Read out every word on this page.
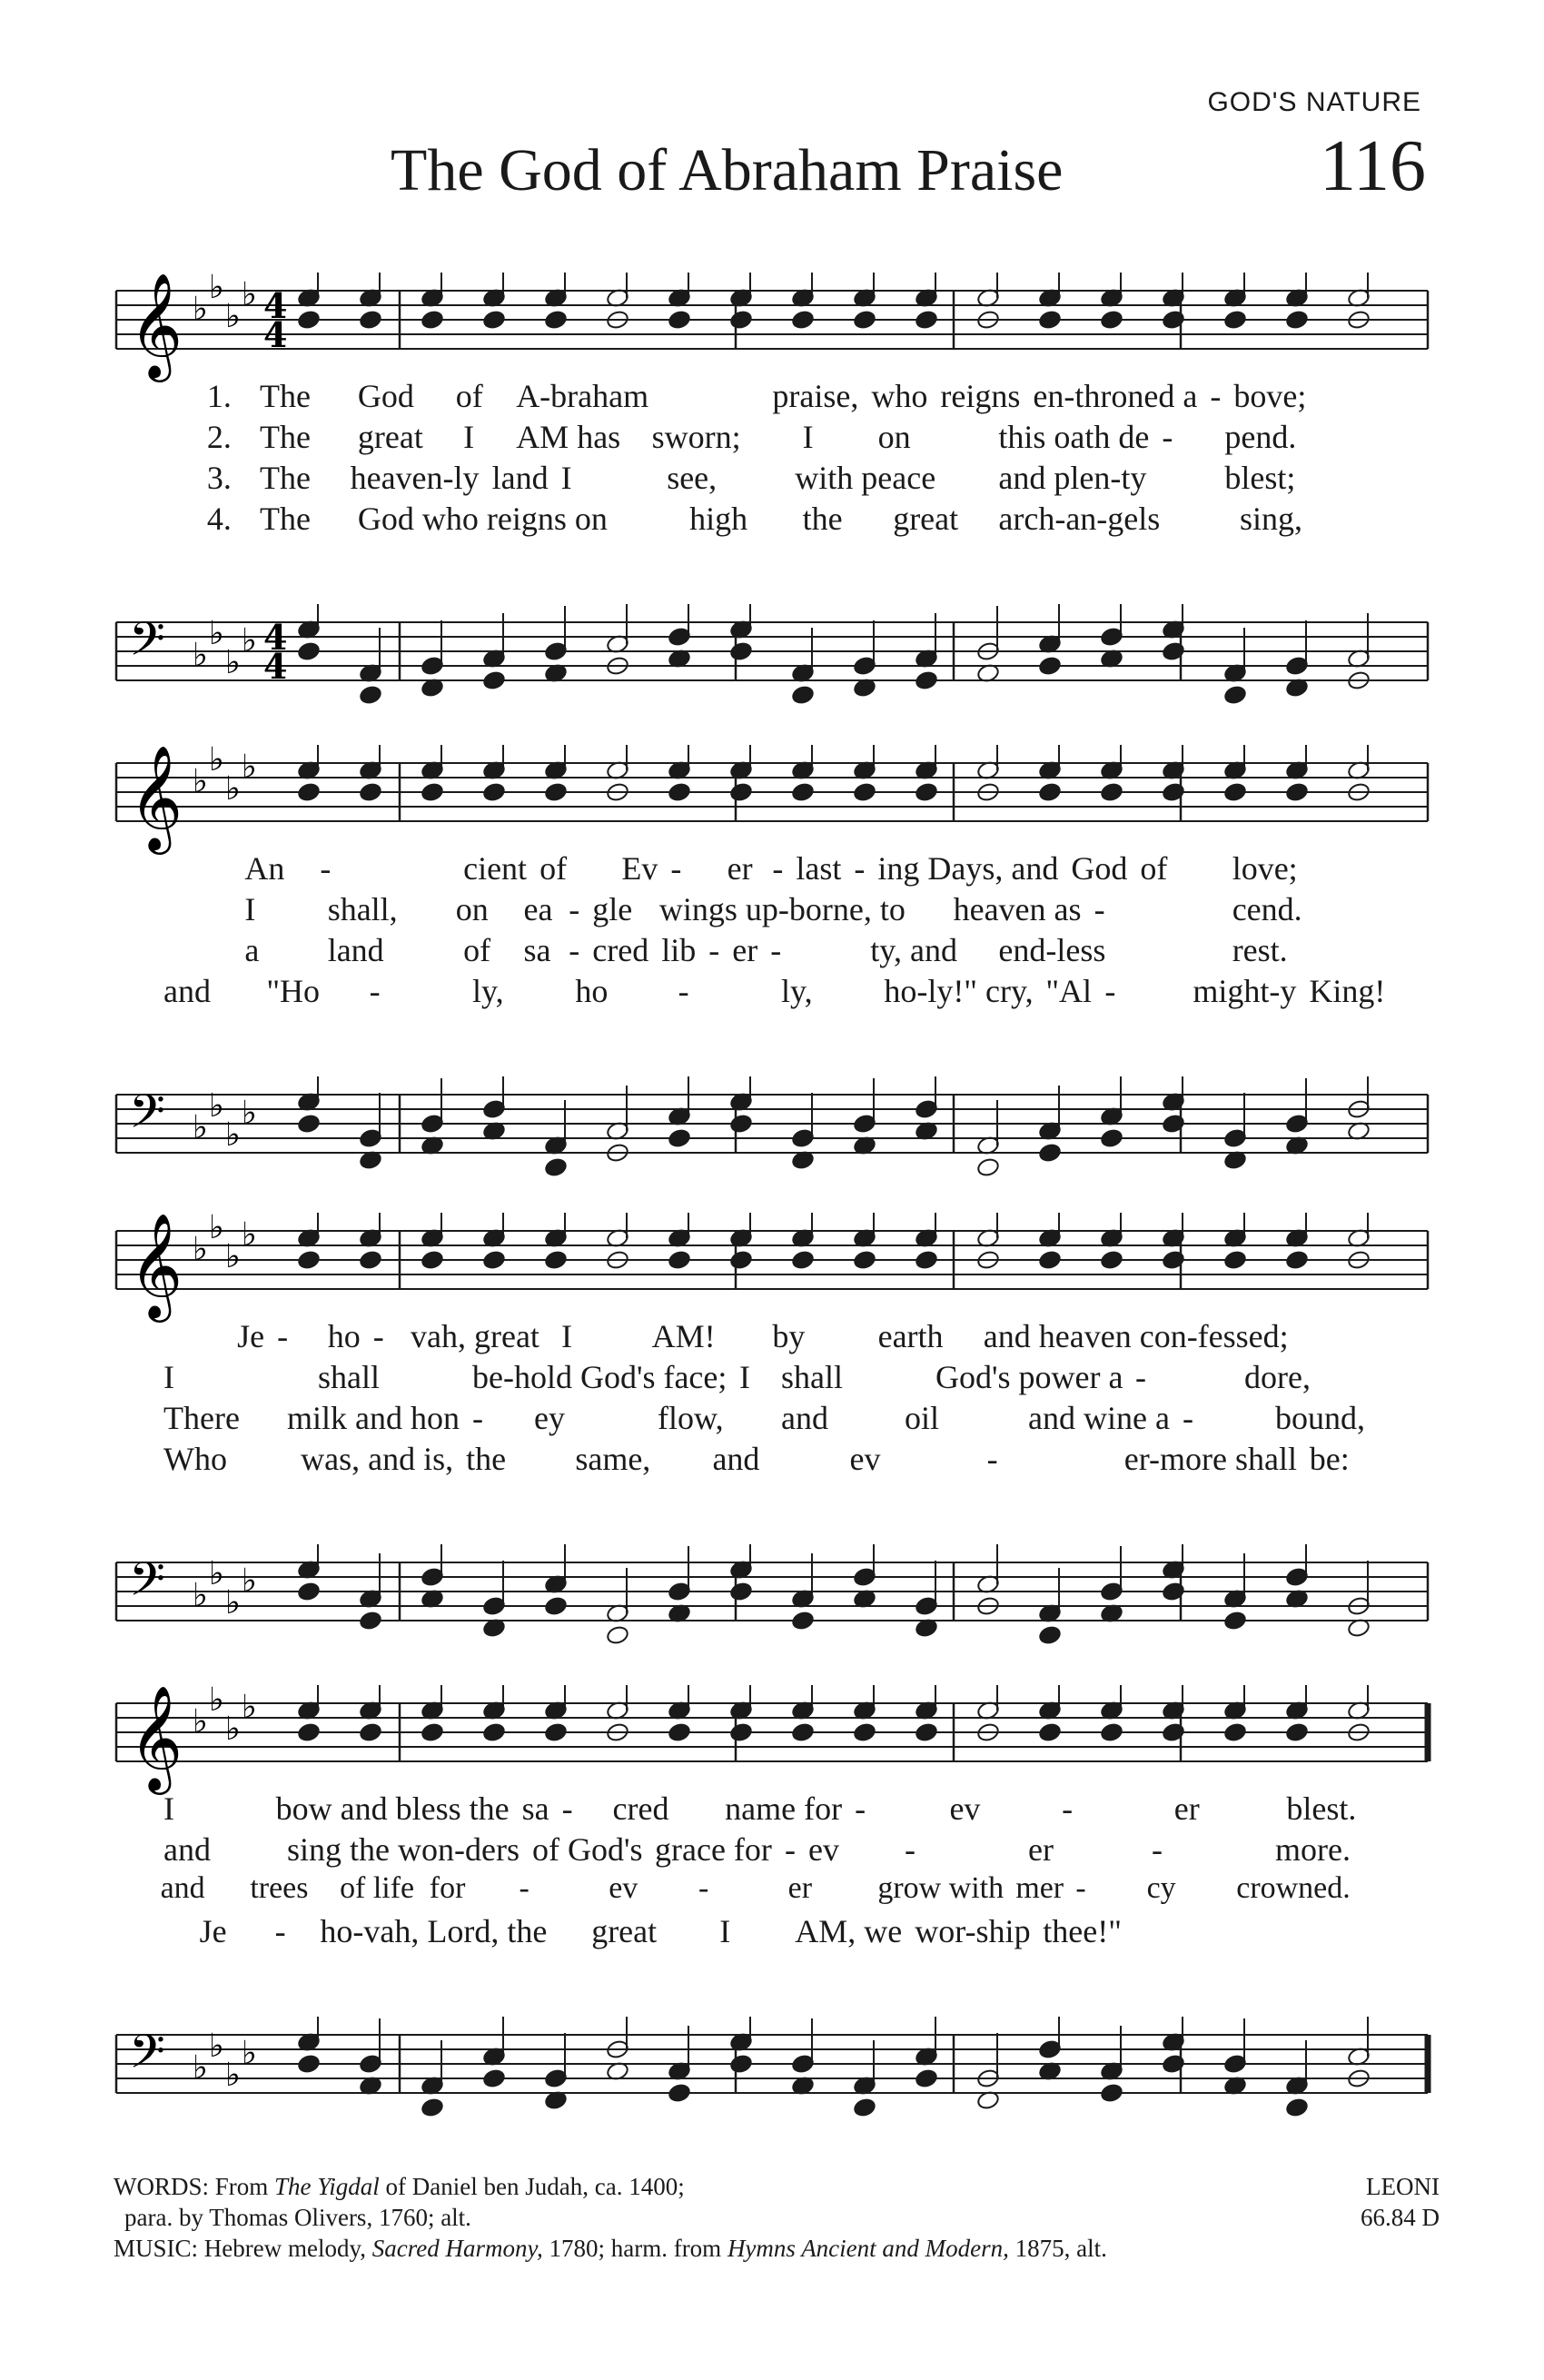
GOD'S NATURE
The God of Abraham Praise	116
𝄞 ♭
♭
♭
♭ 4
4
𝄢 ♭
♭
♭
♭ 4
4
1. The God of A-braham	praise, who reigns en-throned a - bove;
2. The great I AM has sworn; I on	this oath de - pend.
3. The heaven-ly land I	see, with peace and plen-ty blest;
4. The God who reigns on	high the great arch-an-gels sing,
𝄞 ♭
♭
♭
♭
𝄢 ♭
♭
♭
♭
An -	cient of Ev - er - last - ing Days, and God of love;
I shall, on ea - gle wings up-borne, to heaven as -	cend.
a land of sa - cred lib - er -	ty, and end-less	rest.
and "Ho -	ly, ho -	ly, ho-ly!" cry, "Al - might-y King!
𝄞 ♭
♭
♭
♭
𝄢 ♭
♭
♭
♭
Je - ho - vah, great I AM! by earth and heaven con-fessed;
I	shall	be-hold God's face; I shall	God's power a -	dore,
There milk and hon - ey	flow, and oil	and wine a -	bound,
Who was, and is, the same, and	ev	-	er-more shall be:
𝄞 ♭
♭
♭
♭
𝄢 ♭
♭
♭
♭
I	bow and bless the sa - cred name for -	ev -	er	blest.
and sing the won-ders of God's grace for - ev -	er	-	more.
and trees of life for -	ev -	er grow with mer - cy crowned.
Je - ho-vah, Lord, the great I AM, we wor-ship thee!"
WORDS: From The Yigdal of Daniel ben Judah, ca. 1400;
para. by Thomas Olivers, 1760; alt.
MUSIC: Hebrew melody, Sacred Harmony, 1780; harm. from Hymns Ancient and Modern, 1875, alt.
LEONI
66.84 D
